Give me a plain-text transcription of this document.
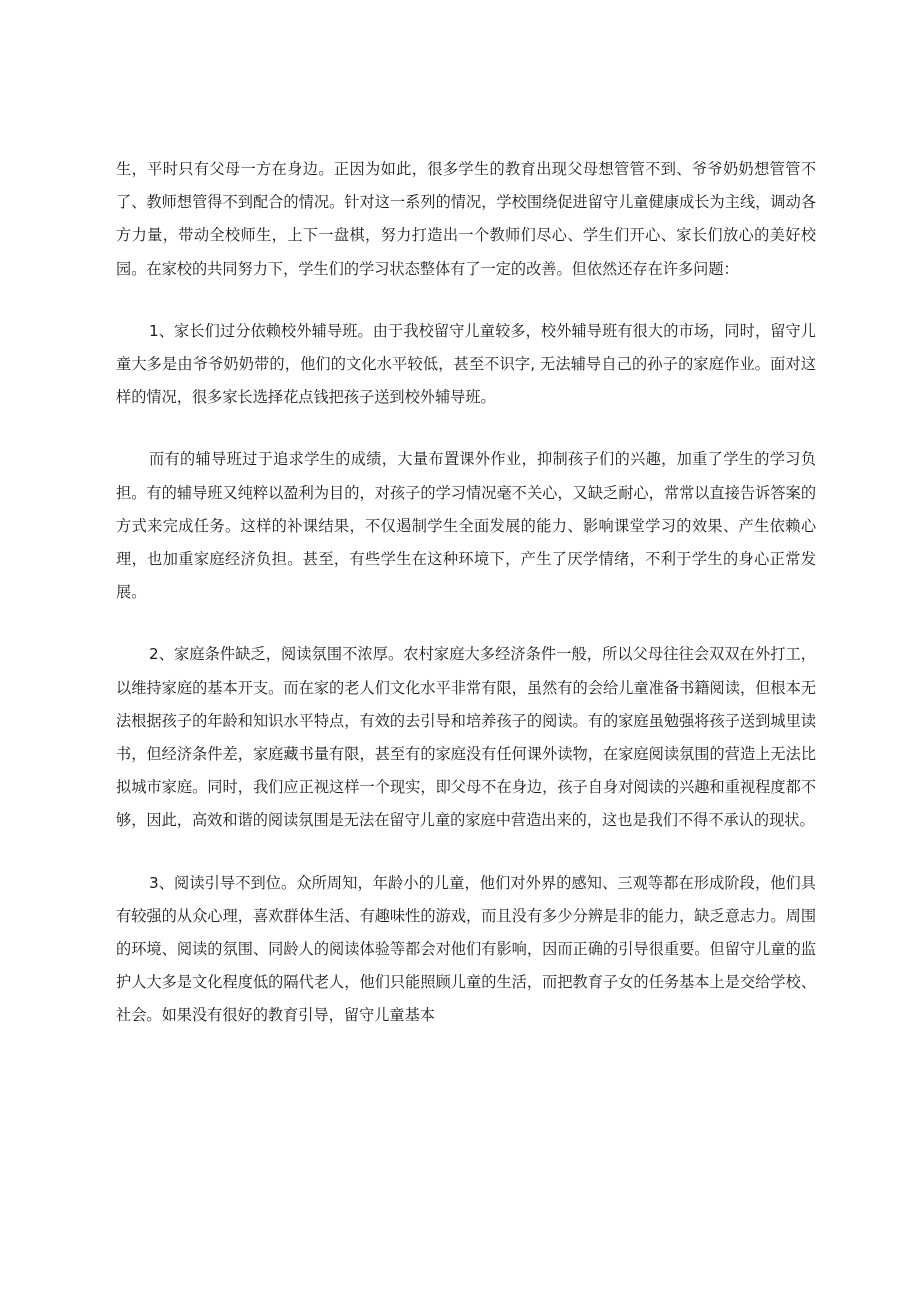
生，平时只有父母一方在身边。正因为如此，很多学生的教育出现父母想管管不到、爷爷奶奶想管管不了、教师想管得不到配合的情况。针对这一系列的情况，学校围绕促进留守儿童健康成长为主线，调动各方力量，带动全校师生，上下一盘棋，努力打造出一个教师们尽心、学生们开心、家长们放心的美好校园。在家校的共同努力下，学生们的学习状态整体有了一定的改善。但依然还存在许多问题：

1、家长们过分依赖校外辅导班。由于我校留守儿童较多，校外辅导班有很大的市场，同时，留守儿童大多是由爷爷奶奶带的，他们的文化水平较低，甚至不识字, 无法辅导自己的孙子的家庭作业。面对这样的情况，很多家长选择花点钱把孩子送到校外辅导班。

而有的辅导班过于追求学生的成绩，大量布置课外作业，抑制孩子们的兴趣，加重了学生的学习负担。有的辅导班又纯粹以盈利为目的，对孩子的学习情况毫不关心，又缺乏耐心，常常以直接告诉答案的方式来完成任务。这样的补课结果，不仅遏制学生全面发展的能力、影响课堂学习的效果、产生依赖心理，也加重家庭经济负担。甚至，有些学生在这种环境下，产生了厌学情绪，不利于学生的身心正常发展。

2、家庭条件缺乏，阅读氛围不浓厚。农村家庭大多经济条件一般，所以父母往往会双双在外打工，以维持家庭的基本开支。而在家的老人们文化水平非常有限，虽然有的会给儿童准备书籍阅读，但根本无法根据孩子的年龄和知识水平特点，有效的去引导和培养孩子的阅读。有的家庭虽勉强将孩子送到城里读书，但经济条件差，家庭藏书量有限，甚至有的家庭没有任何课外读物，在家庭阅读氛围的营造上无法比拟城市家庭。同时，我们应正视这样一个现实，即父母不在身边，孩子自身对阅读的兴趣和重视程度都不够，因此，高效和谐的阅读氛围是无法在留守儿童的家庭中营造出来的，这也是我们不得不承认的现状。

3、阅读引导不到位。众所周知，年龄小的儿童，他们对外界的感知、三观等都在形成阶段，他们具有较强的从众心理，喜欢群体生活、有趣味性的游戏，而且没有多少分辨是非的能力，缺乏意志力。周围的环境、阅读的氛围、同龄人的阅读体验等都会对他们有影响，因而正确的引导很重要。但留守儿童的监护人大多是文化程度低的隔代老人，他们只能照顾儿童的生活，而把教育子女的任务基本上是交给学校、社会。如果没有很好的教育引导，留守儿童基本
